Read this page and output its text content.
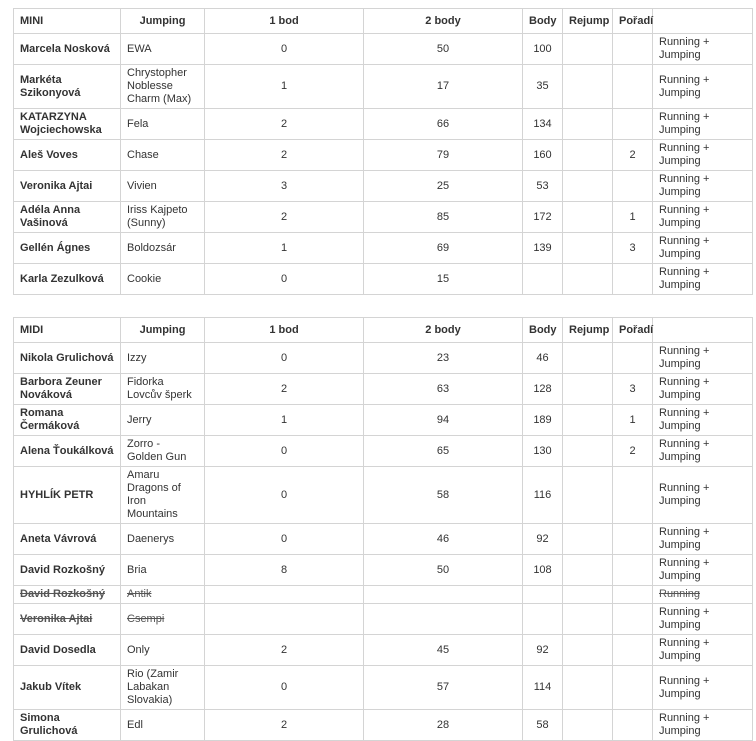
MINI	Jumping	1 bod	2 body	Body	Rejump	Pořadí	
Marcela Nosková	EWA	0	50	100			Running + Jumping
Markéta Szikonyová	Chrystopher Noblesse Charm (Max)	1	17	35			Running + Jumping
KATARZYNA Wojciechowska	Fela	2	66	134			Running + Jumping
Aleš Voves	Chase	2	79	160		2	Running + Jumping
Veronika Ajtai	Vivien	3	25	53			Running + Jumping
Adéla Anna Vašinová	Iriss Kajpeto (Sunny)	2	85	172		1	Running + Jumping
Gellén Ágnes	Boldozsár	1	69	139		3	Running + Jumping
Karla Zezulková	Cookie	0	15				Running + Jumping
MIDI	Jumping	1 bod	2 body	Body	Rejump	Pořadí	
Nikola Grulichová	Izzy	0	23	46			Running + Jumping
Barbora Zeuner Nováková	Fidorka Lovcův šperk	2	63	128		3	Running + Jumping
Romana Čermáková	Jerry	1	94	189		1	Running + Jumping
Alena Ťoukálková	Zorro - Golden Gun	0	65	130		2	Running + Jumping
HYHLÍK PETR	Amaru Dragons of Iron Mountains	0	58	116			Running + Jumping
Aneta Vávrová	Daenerys	0	46	92			Running + Jumping
David Rozkošný	Bria	8	50	108			Running + Jumping
David Rozkošný	Antik						Running
Veronika Ajtai	Csempi						Running + Jumping
David Dosedla	Only	2	45	92			Running + Jumping
Jakub Vítek	Rio (Zamir Labakan Slovakia)	0	57	114			Running + Jumping
Simona Grulichová	Edl	2	28	58			Running + Jumping
